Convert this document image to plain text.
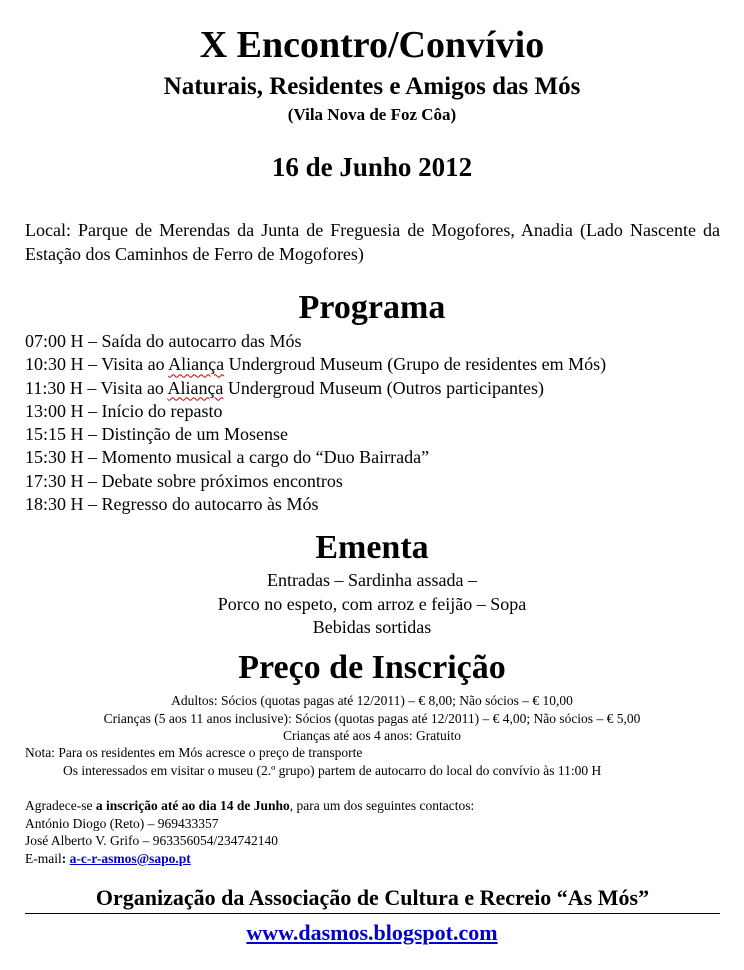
X Encontro/Convívio
Naturais, Residentes e Amigos das Mós
(Vila Nova de Foz Côa)
16 de Junho 2012
Local: Parque de Merendas da Junta de Freguesia de Mogofores, Anadia (Lado Nascente da Estação dos Caminhos de Ferro de Mogofores)
Programa
07:00 H – Saída do autocarro das Mós
10:30 H – Visita ao Aliança Undergroud Museum (Grupo de residentes em Mós)
11:30 H – Visita ao Aliança Undergroud Museum (Outros participantes)
13:00 H – Início do repasto
15:15 H – Distinção de um Mosense
15:30 H – Momento musical a cargo do “Duo Bairrada”
17:30 H – Debate sobre próximos encontros
18:30 H – Regresso do autocarro às Mós
Ementa
Entradas – Sardinha assada –
Porco no espeto, com arroz e feijão – Sopa
Bebidas sortidas
Preço de Inscrição
Adultos: Sócios (quotas pagas até 12/2011) – € 8,00; Não sócios – € 10,00
Crianças (5 aos 11 anos inclusive): Sócios (quotas pagas até 12/2011) – € 4,00; Não sócios – € 5,00
Crianças até aos 4 anos: Gratuito
Nota: Para os residentes em Mós acresce o preço de transporte
Os interessados em visitar o museu (2.º grupo) partem de autocarro do local do convívio às 11:00 H
Agradece-se a inscrição até ao dia 14 de Junho, para um dos seguintes contactos:
António Diogo (Reto) – 969433357
José Alberto V. Grifo – 963356054/234742140
E-mail: a-c-r-asmos@sapo.pt
Organização da Associação de Cultura e Recreio “As Mós”
www.dasmos.blogspot.com
